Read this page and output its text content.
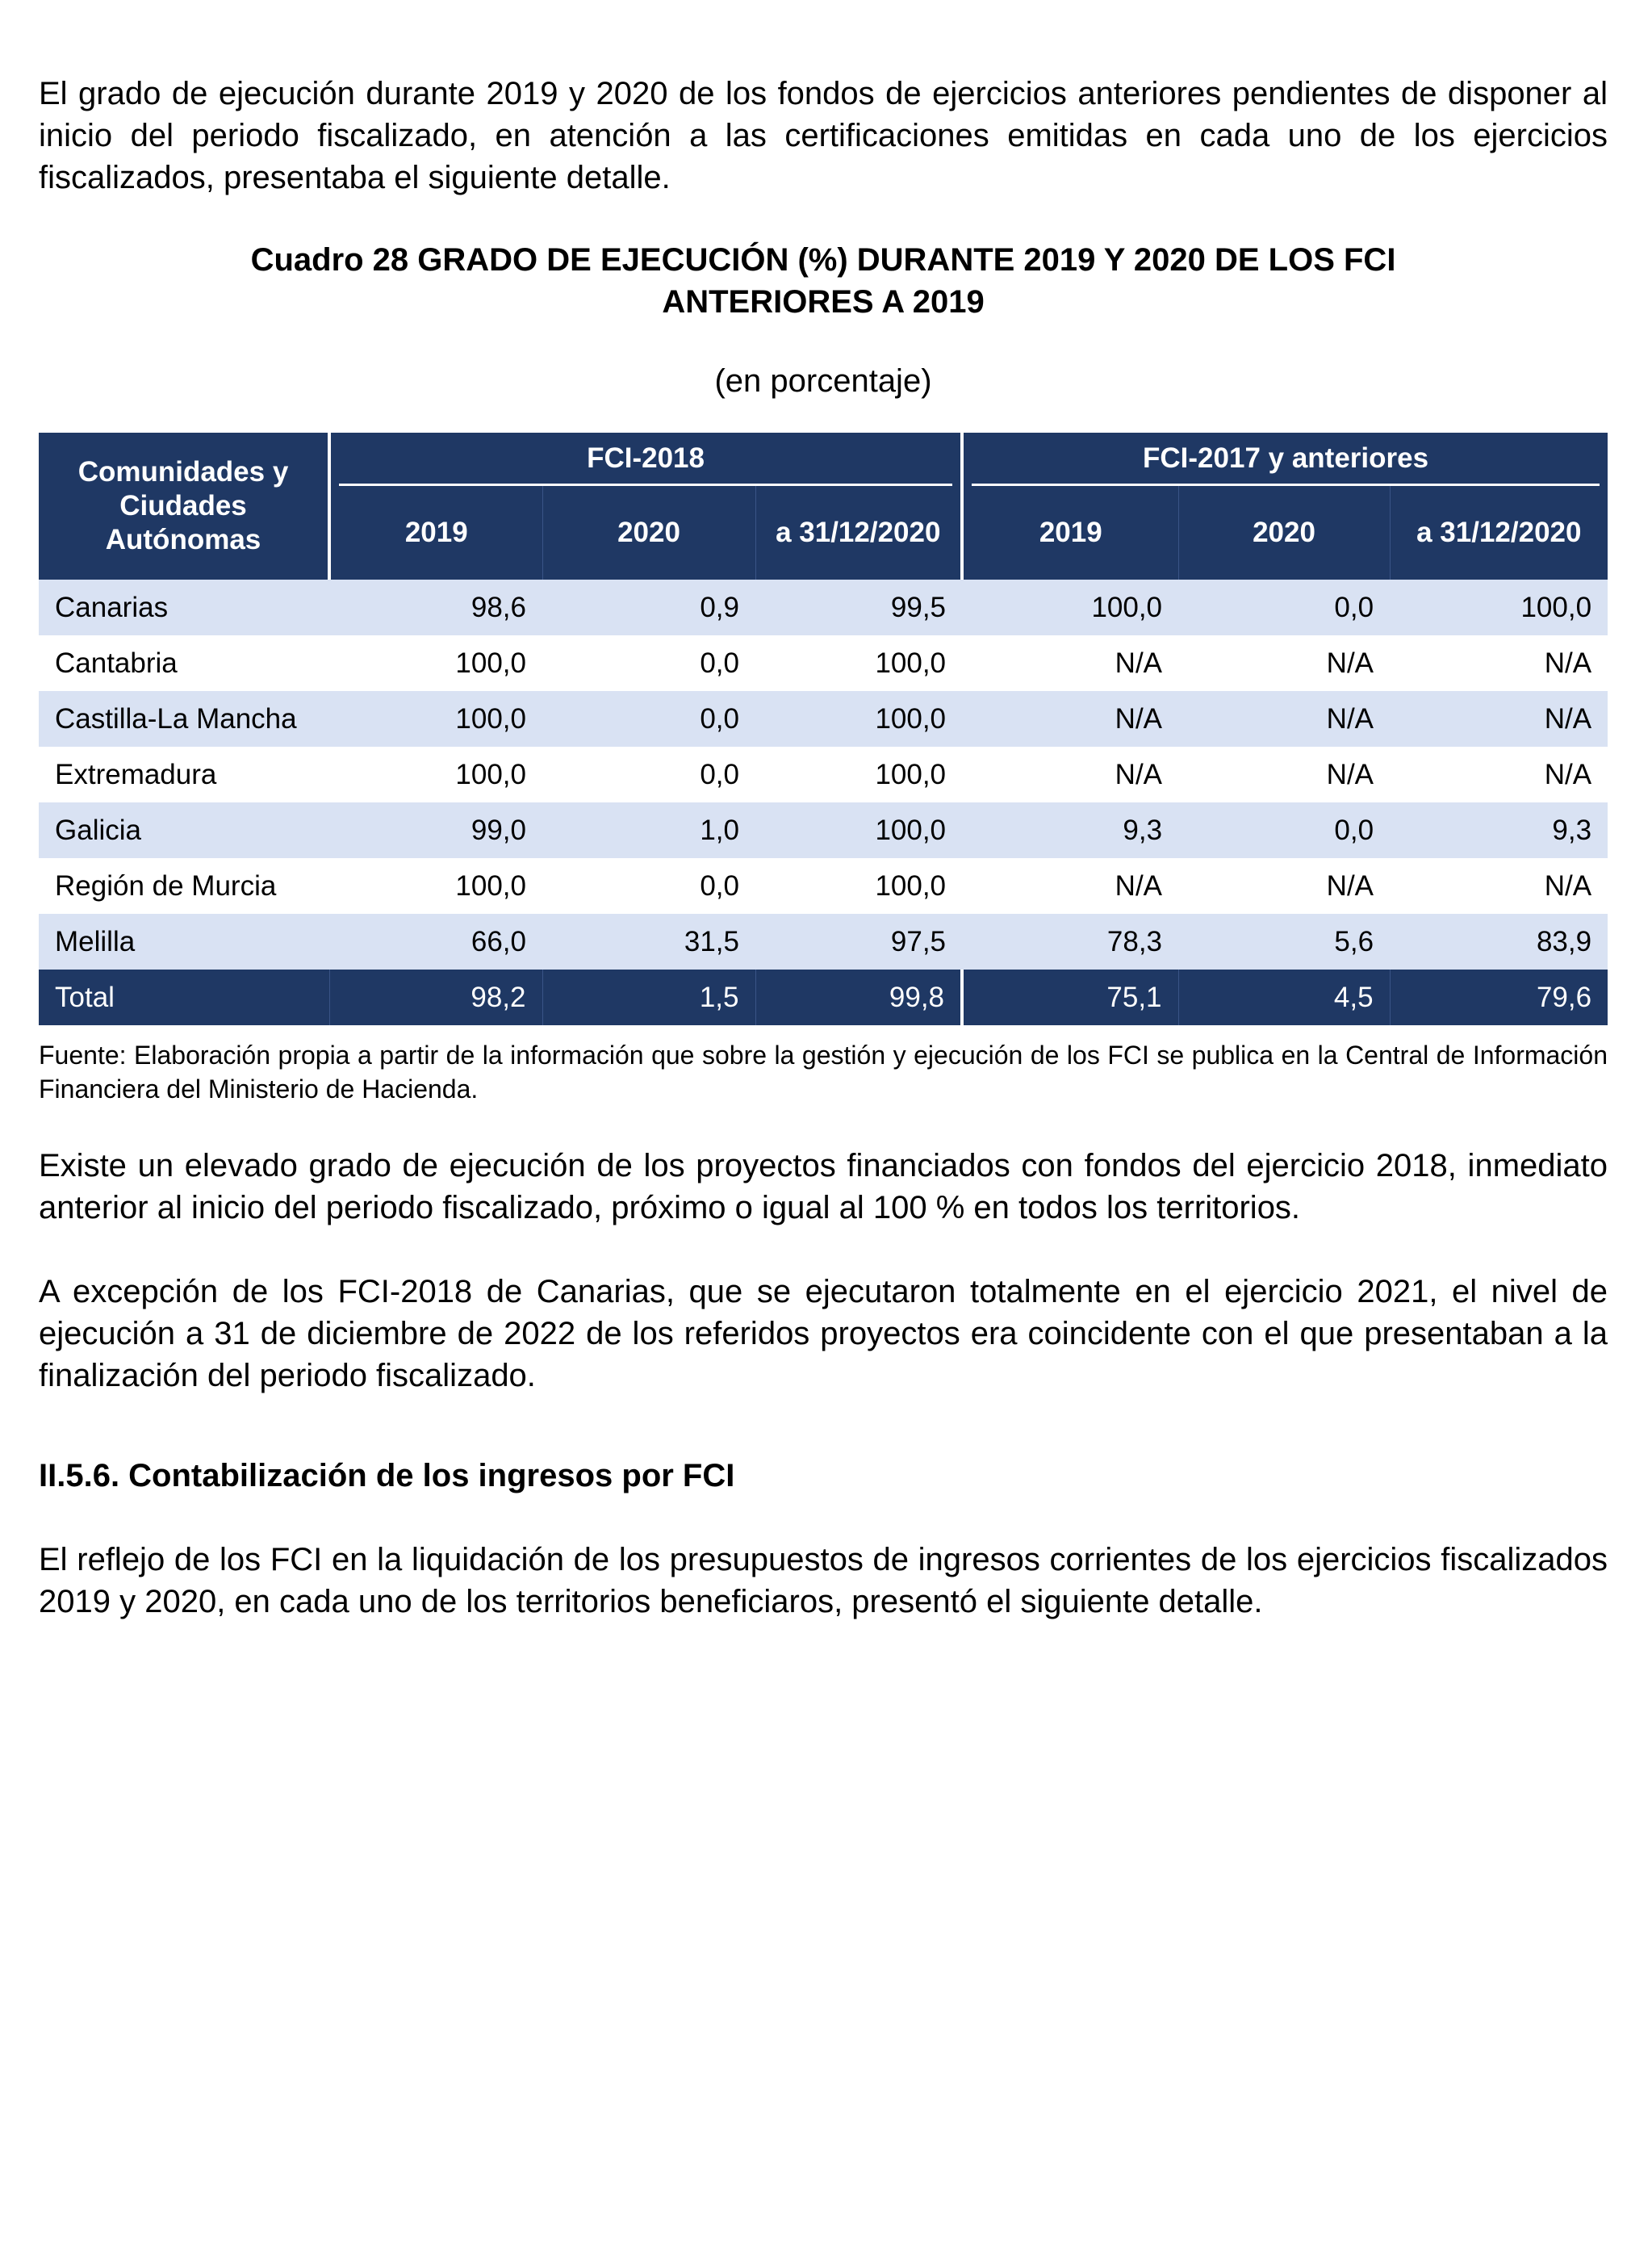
El grado de ejecución durante 2019 y 2020 de los fondos de ejercicios anteriores pendientes de disponer al inicio del periodo fiscalizado, en atención a las certificaciones emitidas en cada uno de los ejercicios fiscalizados, presentaba el siguiente detalle.

Cuadro 28 GRADO DE EJECUCIÓN (%) DURANTE 2019 Y 2020 DE LOS FCI ANTERIORES A 2019

(en porcentaje)

Comunidades y Ciudades Autónomas	FCI-2018			FCI-2017 y anteriores		

	2019	2020	a 31/12/2020	2019	2020	a 31/12/2020
Canarias	98,6	0,9	99,5	100,0	0,0	100,0
Cantabria	100,0	0,0	100,0	N/A	N/A	N/A
Castilla-La Mancha	100,0	0,0	100,0	N/A	N/A	N/A
Extremadura	100,0	0,0	100,0	N/A	N/A	N/A
Galicia	99,0	1,0	100,0	9,3	0,0	9,3
Región de Murcia	100,0	0,0	100,0	N/A	N/A	N/A
Melilla	66,0	31,5	97,5	78,3	5,6	83,9
Total	98,2	1,5	99,8	75,1	4,5	79,6

Fuente: Elaboración propia a partir de la información que sobre la gestión y ejecución de los FCI se publica en la Central de Información Financiera del Ministerio de Hacienda.

Existe un elevado grado de ejecución de los proyectos financiados con fondos del ejercicio 2018, inmediato anterior al inicio del periodo fiscalizado, próximo o igual al 100 % en todos los territorios.

A excepción de los FCI-2018 de Canarias, que se ejecutaron totalmente en el ejercicio 2021, el nivel de ejecución a 31 de diciembre de 2022 de los referidos proyectos era coincidente con el que presentaban a la finalización del periodo fiscalizado.

II.5.6. Contabilización de los ingresos por FCI

El reflejo de los FCI en la liquidación de los presupuestos de ingresos corrientes de los ejercicios fiscalizados 2019 y 2020, en cada uno de los territorios beneficiaros, presentó el siguiente detalle.
